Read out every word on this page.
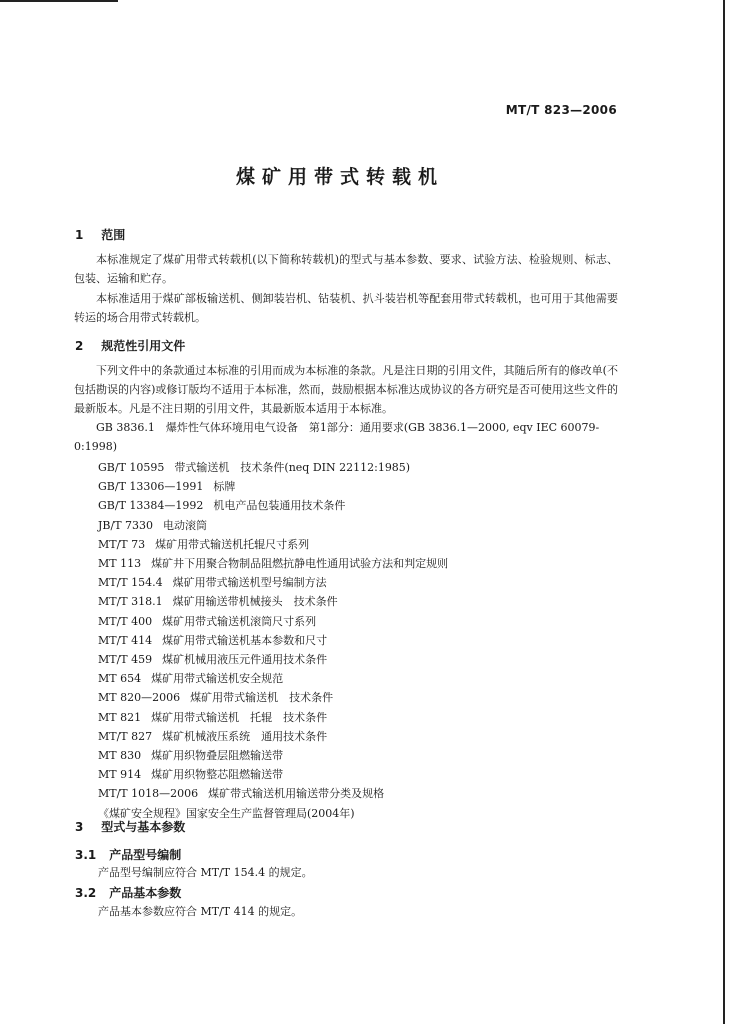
MT/T 823—2006
煤矿用带式转载机
1 范围
本标准规定了煤矿用带式转载机(以下简称转载机)的型式与基本参数、要求、试验方法、检验规则、标志、包装、运输和贮存。
本标准适用于煤矿部板输送机、侧卸装岩机、钻装机、扒斗装岩机等配套用带式转载机，也可用于其他需要转运的场合用带式转载机。
2 规范性引用文件
下列文件中的条款通过本标准的引用而成为本标准的条款。凡是注日期的引用文件，其随后所有的修改单(不包括勘误的内容)或修订版均不适用于本标准，然而，鼓励根据本标准达成协议的各方研究是否可使用这些文件的最新版本。凡是不注日期的引用文件，其最新版本适用于本标准。
GB 3836.1　爆炸性气体环境用电气设备　第1部分：通用要求(GB 3836.1—2000, eqv IEC 60079-0:1998)
GB/T 10595 带式输送机　技术条件(neq DIN 22112:1985)
GB/T 13306—1991 标牌
GB/T 13384—1992 机电产品包装通用技术条件
JB/T 7330 电动滚筒
MT/T 73 煤矿用带式输送机托辊尺寸系列
MT 113 煤矿井下用聚合物制品阻燃抗静电性通用试验方法和判定规则
MT/T 154.4 煤矿用带式输送机型号编制方法
MT/T 318.1 煤矿用输送带机械接头　技术条件
MT/T 400 煤矿用带式输送机滚筒尺寸系列
MT/T 414 煤矿用带式输送机基本参数和尺寸
MT/T 459 煤矿机械用液压元件通用技术条件
MT 654 煤矿用带式输送机安全规范
MT 820—2006 煤矿用带式输送机　技术条件
MT 821 煤矿用带式输送机　托辊　技术条件
MT/T 827 煤矿机械液压系统　通用技术条件
MT 830 煤矿用织物叠层阻燃输送带
MT 914 煤矿用织物整芯阻燃输送带
MT/T 1018—2006 煤矿带式输送机用输送带分类及规格
《煤矿安全规程》国家安全生产监督管理局(2004年)
3 型式与基本参数
3.1 产品型号编制
产品型号编制应符合 MT/T 154.4 的规定。
3.2 产品基本参数
产品基本参数应符合 MT/T 414 的规定。
